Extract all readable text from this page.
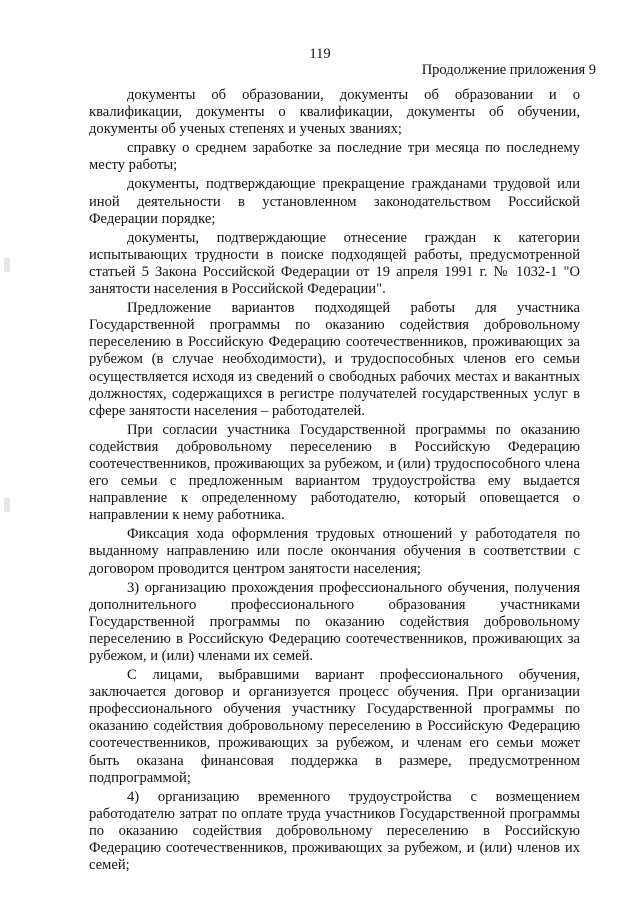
119
Продолжение приложения 9

документы об образовании, документы об образовании и о квалификации, документы о квалификации, документы об обучении, документы об ученых степенях и ученых званиях;

справку о среднем заработке за последние три месяца по последнему месту работы;

документы, подтверждающие прекращение гражданами трудовой или иной деятельности в установленном законодательством Российской Федерации порядке;

документы, подтверждающие отнесение граждан к категории испытывающих трудности в поиске подходящей работы, предусмотренной статьей 5 Закона Российской Федерации от 19 апреля 1991 г. № 1032-1 "О занятости населения в Российской Федерации".

Предложение вариантов подходящей работы для участника Государственной программы по оказанию содействия добровольному переселению в Российскую Федерацию соотечественников, проживающих за рубежом (в случае необходимости), и трудоспособных членов его семьи осуществляется исходя из сведений о свободных рабочих местах и вакантных должностях, содержащихся в регистре получателей государственных услуг в сфере занятости населения – работодателей.

При согласии участника Государственной программы по оказанию содействия добровольному переселению в Российскую Федерацию соотечественников, проживающих за рубежом, и (или) трудоспособного члена его семьи с предложенным вариантом трудоустройства ему выдается направление к определенному работодателю, который оповещается о направлении к нему работника.

Фиксация хода оформления трудовых отношений у работодателя по выданному направлению или после окончания обучения в соответствии с договором проводится центром занятости населения;

3) организацию прохождения профессионального обучения, получения дополнительного профессионального образования участниками Государственной программы по оказанию содействия добровольному переселению в Российскую Федерацию соотечественников, проживающих за рубежом, и (или) членами их семей.

С лицами, выбравшими вариант профессионального обучения, заключается договор и организуется процесс обучения. При организации профессионального обучения участнику Государственной программы по оказанию содействия добровольному переселению в Российскую Федерацию соотечественников, проживающих за рубежом, и членам его семьи может быть оказана финансовая поддержка в размере, предусмотренном подпрограммой;

4) организацию временного трудоустройства с возмещением работодателю затрат по оплате труда участников Государственной программы по оказанию содействия добровольному переселению в Российскую Федерацию соотечественников, проживающих за рубежом, и (или) членов их семей;
